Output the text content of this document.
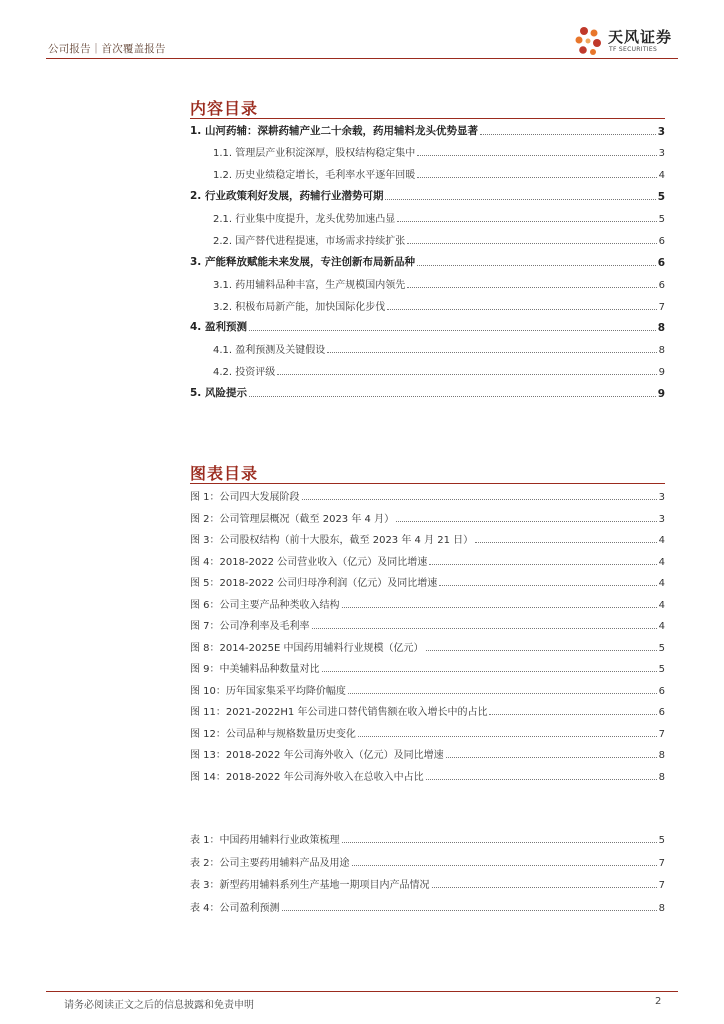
公司报告｜首次覆盖报告
天风证券
TF SECURITIES
内容目录
1. 山河药辅：深耕药辅产业二十余载，药用辅料龙头优势显著	3
1.1. 管理层产业积淀深厚，股权结构稳定集中	3
1.2. 历史业绩稳定增长，毛利率水平逐年回暖	4
2. 行业政策利好发展，药辅行业潜势可期	5
2.1. 行业集中度提升，龙头优势加速凸显	5
2.2. 国产替代进程提速，市场需求持续扩张	6
3. 产能释放赋能未来发展，专注创新布局新品种	6
3.1. 药用辅料品种丰富，生产规模国内领先	6
3.2. 积极布局新产能，加快国际化步伐	7
4. 盈利预测	8
4.1. 盈利预测及关键假设	8
4.2. 投资评级	9
5. 风险提示	9
图表目录
图 1：公司四大发展阶段	3
图 2：公司管理层概况（截至 2023 年 4 月）	3
图 3：公司股权结构（前十大股东，截至 2023 年 4 月 21 日）	4
图 4：2018-2022 公司营业收入（亿元）及同比增速	4
图 5：2018-2022 公司归母净利润（亿元）及同比增速	4
图 6：公司主要产品种类收入结构	4
图 7：公司净利率及毛利率	4
图 8：2014-2025E 中国药用辅料行业规模（亿元）	5
图 9：中美辅料品种数量对比	5
图 10：历年国家集采平均降价幅度	6
图 11：2021-2022H1 年公司进口替代销售额在收入增长中的占比	6
图 12：公司品种与规格数量历史变化	7
图 13：2018-2022 年公司海外收入（亿元）及同比增速	8
图 14：2018-2022 年公司海外收入在总收入中占比	8
表 1：中国药用辅料行业政策梳理	5
表 2：公司主要药用辅料产品及用途	7
表 3：新型药用辅料系列生产基地一期项目内产品情况	7
表 4：公司盈利预测	8
请务必阅读正文之后的信息披露和免责申明	2
